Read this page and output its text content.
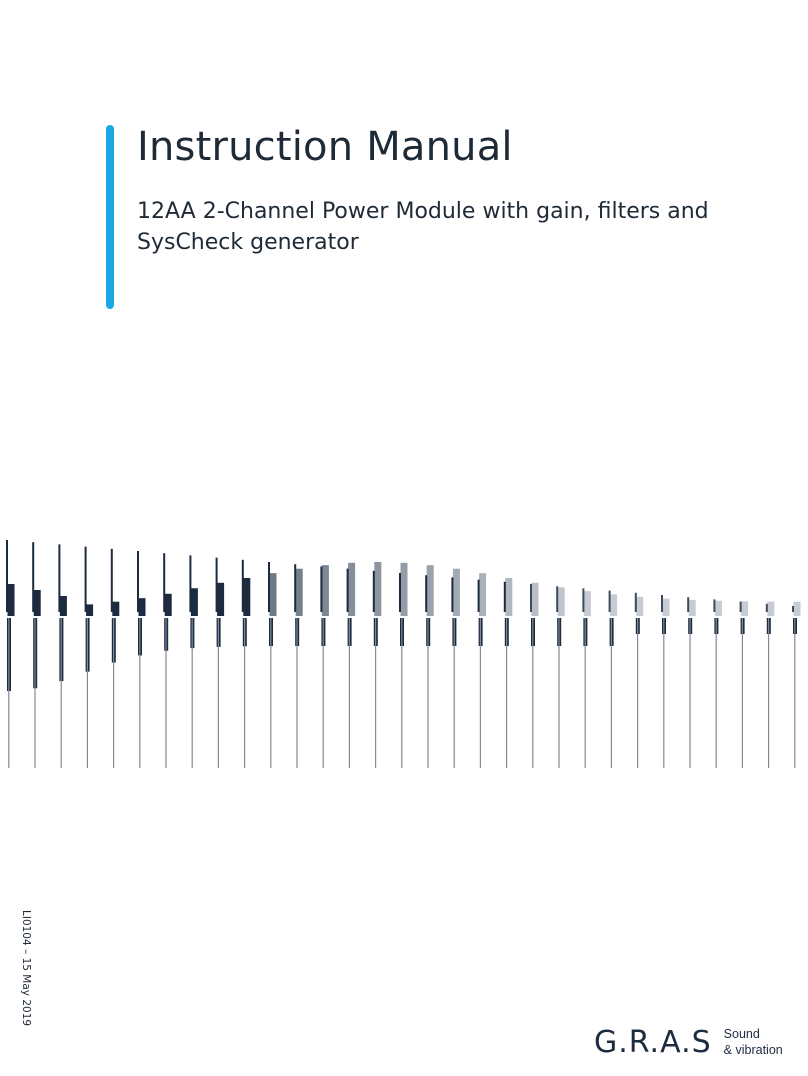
Instruction Manual
12AA 2-Channel Power Module with gain, filters and SysCheck generator
LI0104 – 15 May 2019
G.R.A.S Sound
& vibration
